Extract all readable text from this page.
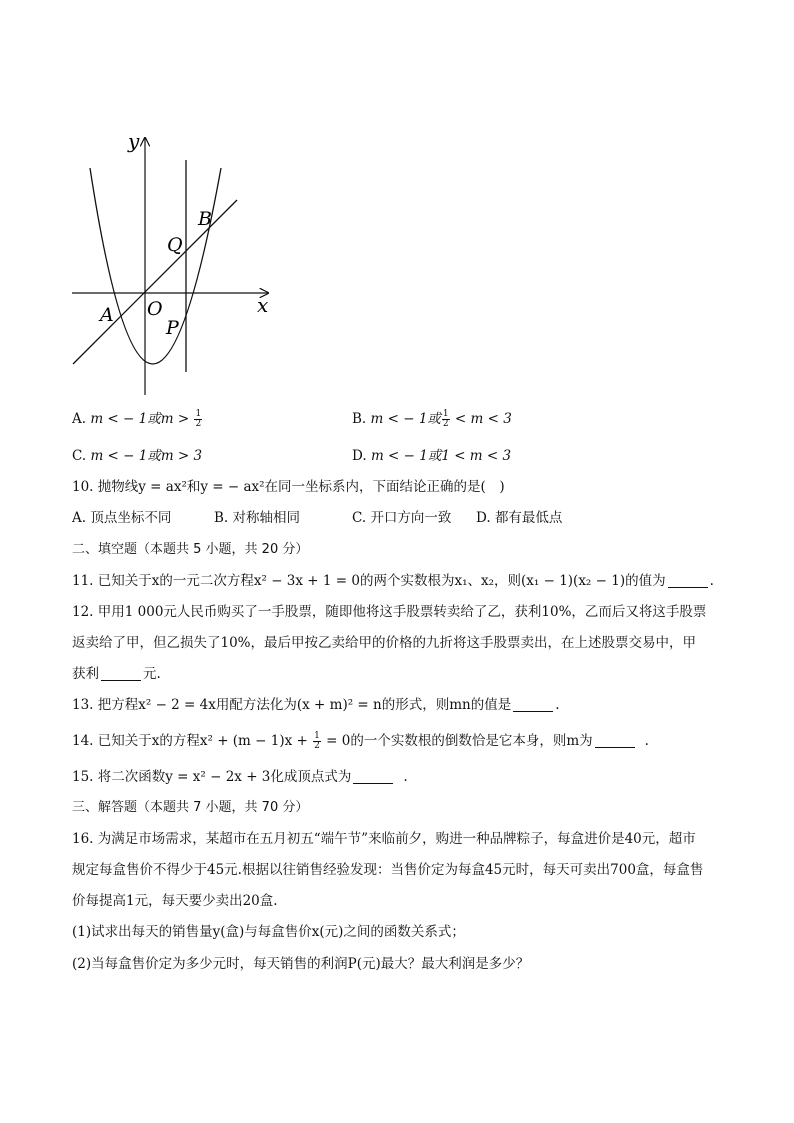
y
x
O
A
B
Q
P
A. m < − 1或$m > \frac{1}{2}$	B. m < − 1或 $\frac{1}{2} < m < 3$
C. m < − 1或m > 3	D. m < − 1或1 < m < 3
10. 抛物线y = ax²和y = − ax²在同一坐标系内，下面结论正确的是(　)
A. 顶点坐标不同	B. 对称轴相同	C. 开口方向一致 D. 都有最低点
二、填空题（本题共 5 小题，共 20 分）
11. 已知关于x的一元二次方程x² − 3x + 1 = 0的两个实数根为x₁、x₂，则(x₁ − 1)(x₂ − 1)的值为	.
12. 甲用1 000元人民币购买了一手股票，随即他将这手股票转卖给了乙，获利10%，乙而后又将这手股票
返卖给了甲，但乙损失了10%，最后甲按乙卖给甲的价格的九折将这手股票卖出，在上述股票交易中，甲
获利	元.
13. 把方程x² − 2 = 4x用配方法化为(x + m)² = n的形式，则mn的值是	.
14. 已知关于x的方程$x^2 + (m - 1)x + \frac{1}{2} = 0$的一个实数根的倒数恰是它本身，则m为	.
15. 将二次函数y = x² − 2x + 3化成顶点式为	.
三、解答题（本题共 7 小题，共 70 分）
16. 为满足市场需求，某超市在五月初五“端午节”来临前夕，购进一种品牌粽子，每盒进价是40元，超市
规定每盒售价不得少于45元.根据以往销售经验发现：当售价定为每盒45元时，每天可卖出700盒，每盒售
价每提高1元，每天要少卖出20盒.
(1)试求出每天的销售量y(盒)与每盒售价x(元)之间的函数关系式；
(2)当每盒售价定为多少元时，每天销售的利润P(元)最大？最大利润是多少？
